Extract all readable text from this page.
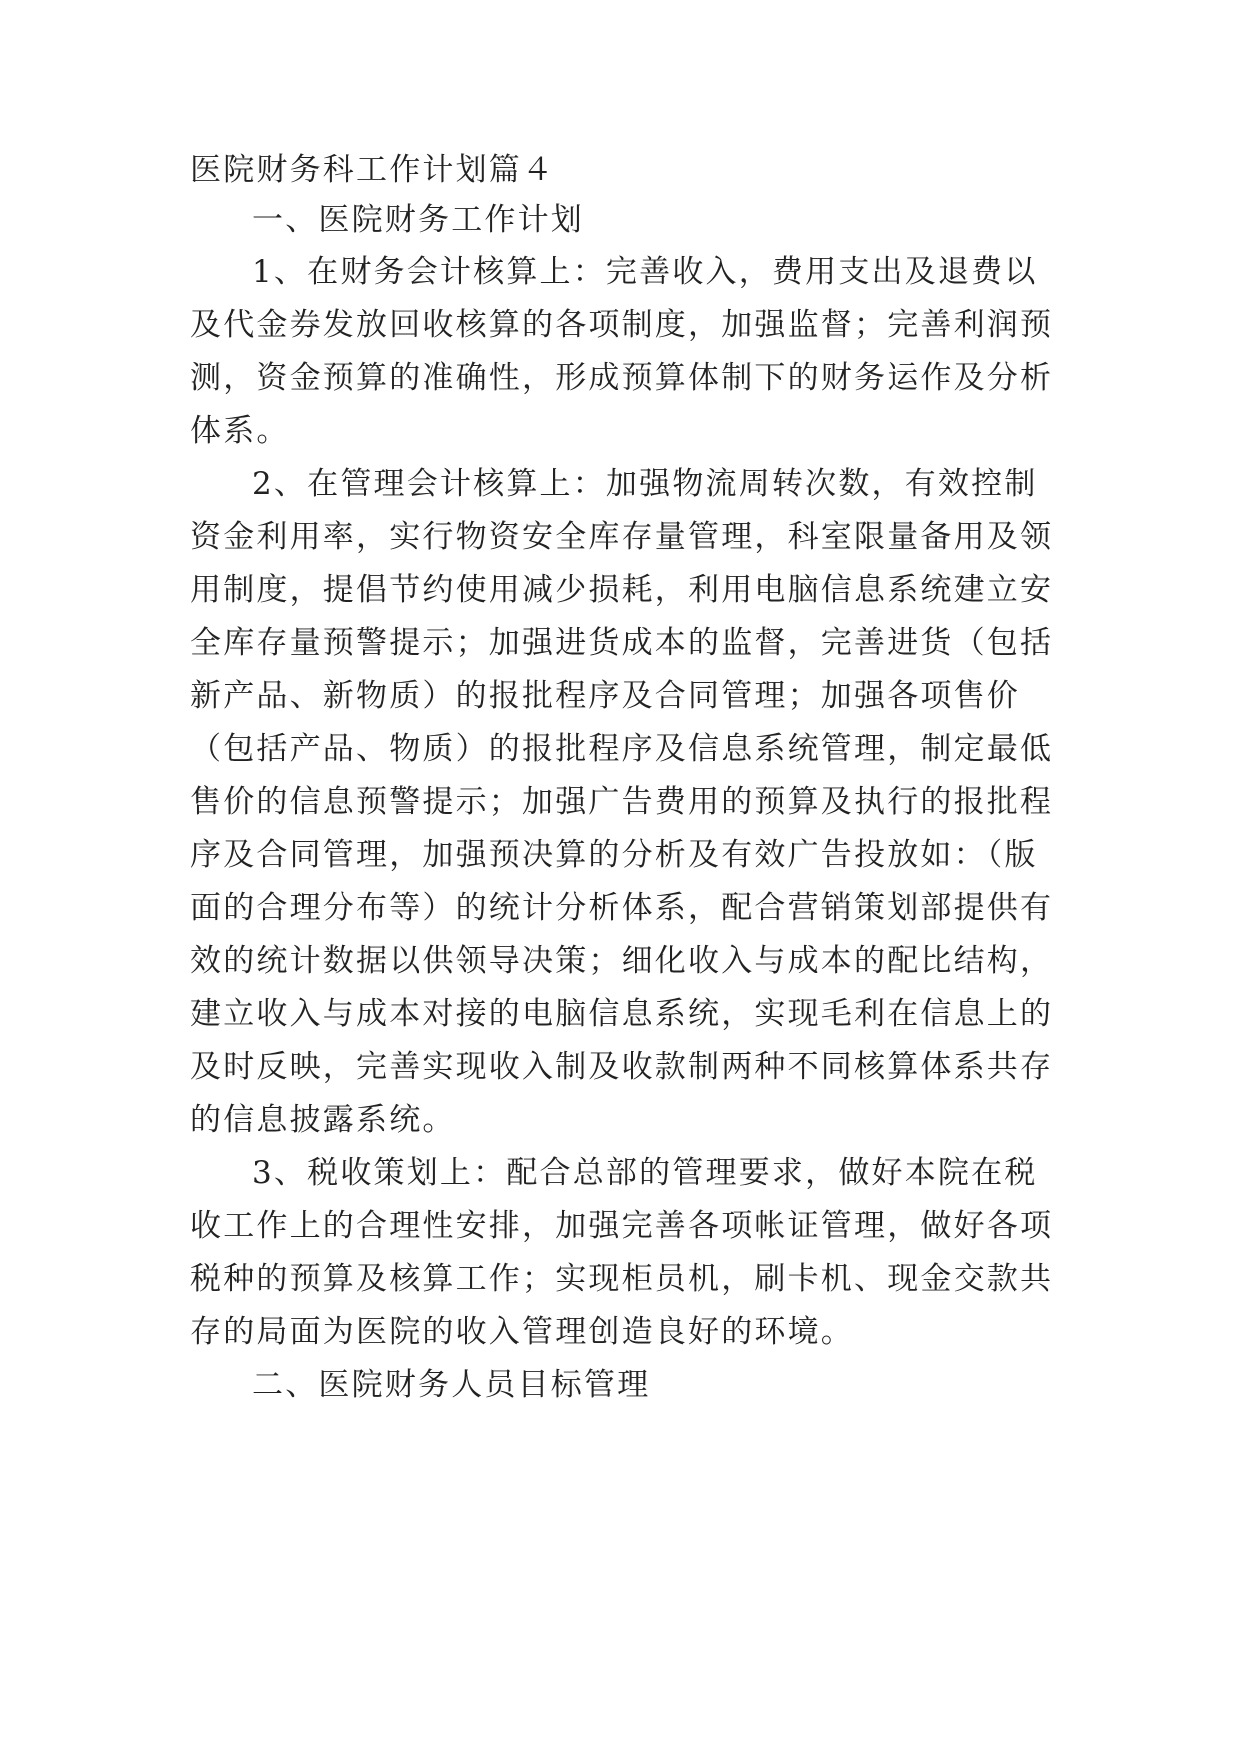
医院财务科工作计划篇４
一、医院财务工作计划
1、在财务会计核算上：完善收入，费用支出及退费以
及代金券发放回收核算的各项制度，加强监督；完善利润预
测，资金预算的准确性，形成预算体制下的财务运作及分析
体系。
2、在管理会计核算上：加强物流周转次数，有效控制
资金利用率，实行物资安全库存量管理，科室限量备用及领
用制度，提倡节约使用减少损耗，利用电脑信息系统建立安
全库存量预警提示；加强进货成本的监督，完善进货（包括
新产品、新物质）的报批程序及合同管理；加强各项售价
（包括产品、物质）的报批程序及信息系统管理，制定最低
售价的信息预警提示；加强广告费用的预算及执行的报批程
序及合同管理，加强预决算的分析及有效广告投放如：（版
面的合理分布等）的统计分析体系，配合营销策划部提供有
效的统计数据以供领导决策；细化收入与成本的配比结构，
建立收入与成本对接的电脑信息系统，实现毛利在信息上的
及时反映，完善实现收入制及收款制两种不同核算体系共存
的信息披露系统。
3、税收策划上：配合总部的管理要求，做好本院在税
收工作上的合理性安排，加强完善各项帐证管理，做好各项
税种的预算及核算工作；实现柜员机，刷卡机、现金交款共
存的局面为医院的收入管理创造良好的环境。
二、医院财务人员目标管理
